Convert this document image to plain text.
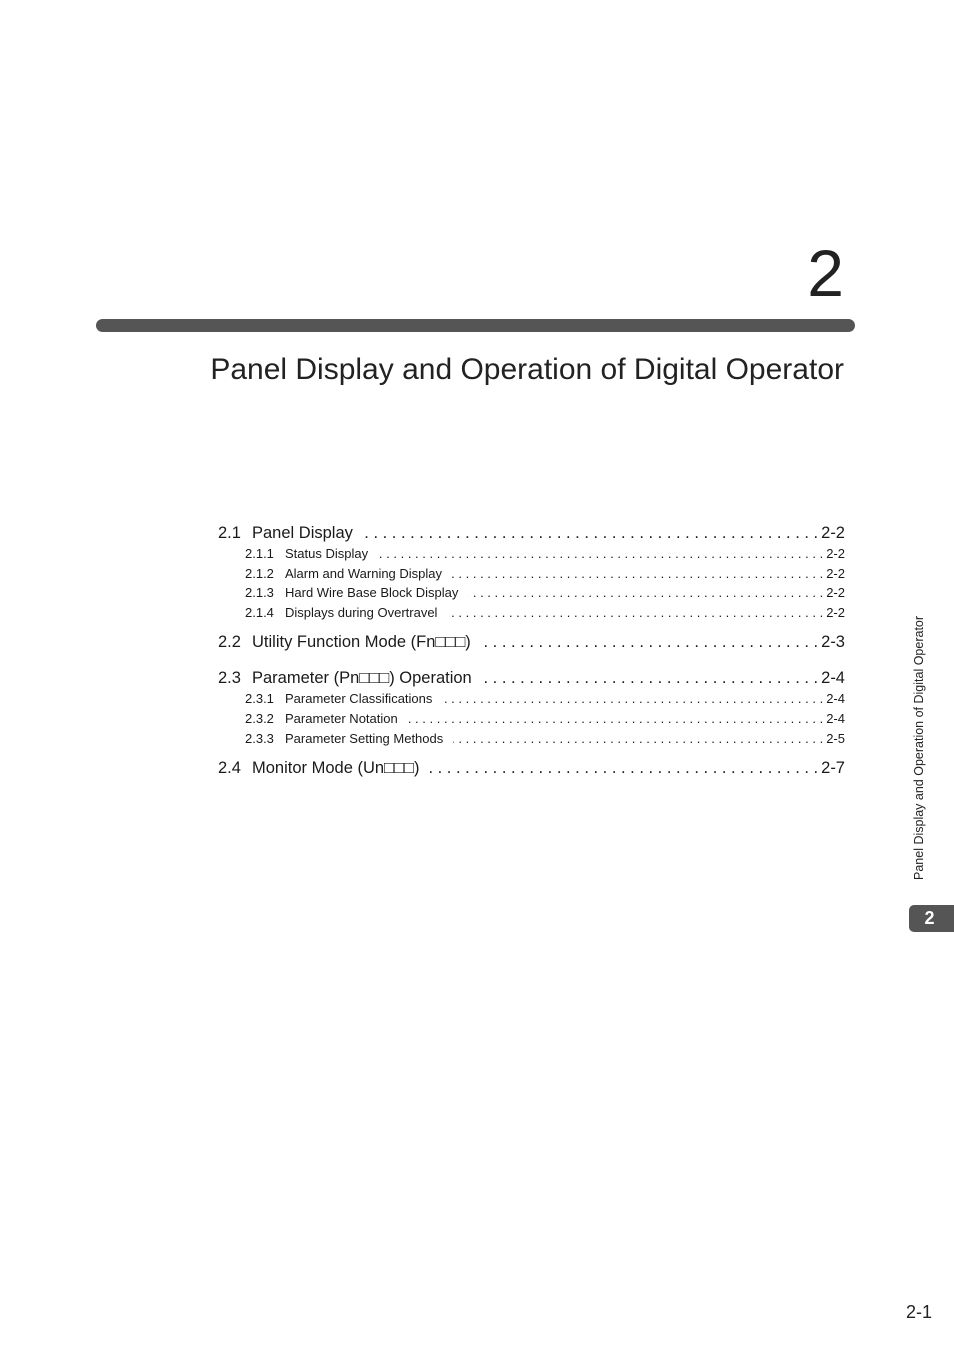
2
Panel Display and Operation of Digital Operator
2.1 Panel Display . . .	2-2
2.1.1 Status Display . . .	2-2
2.1.2 Alarm and Warning Display . . .	2-2
2.1.3 Hard Wire Base Block Display . . .	2-2
2.1.4 Displays during Overtravel . . .	2-2
2.2 Utility Function Mode (Fn□□□) . . .	2-3
2.3 Parameter (Pn□□□) Operation . . .	2-4
2.3.1 Parameter Classifications . . .	2-4
2.3.2 Parameter Notation . . .	2-4
2.3.3 Parameter Setting Methods . . .	2-5
2.4 Monitor Mode (Un□□□) . . .	2-7	Panel Display and Operation of Digital Operator
2
2-1
